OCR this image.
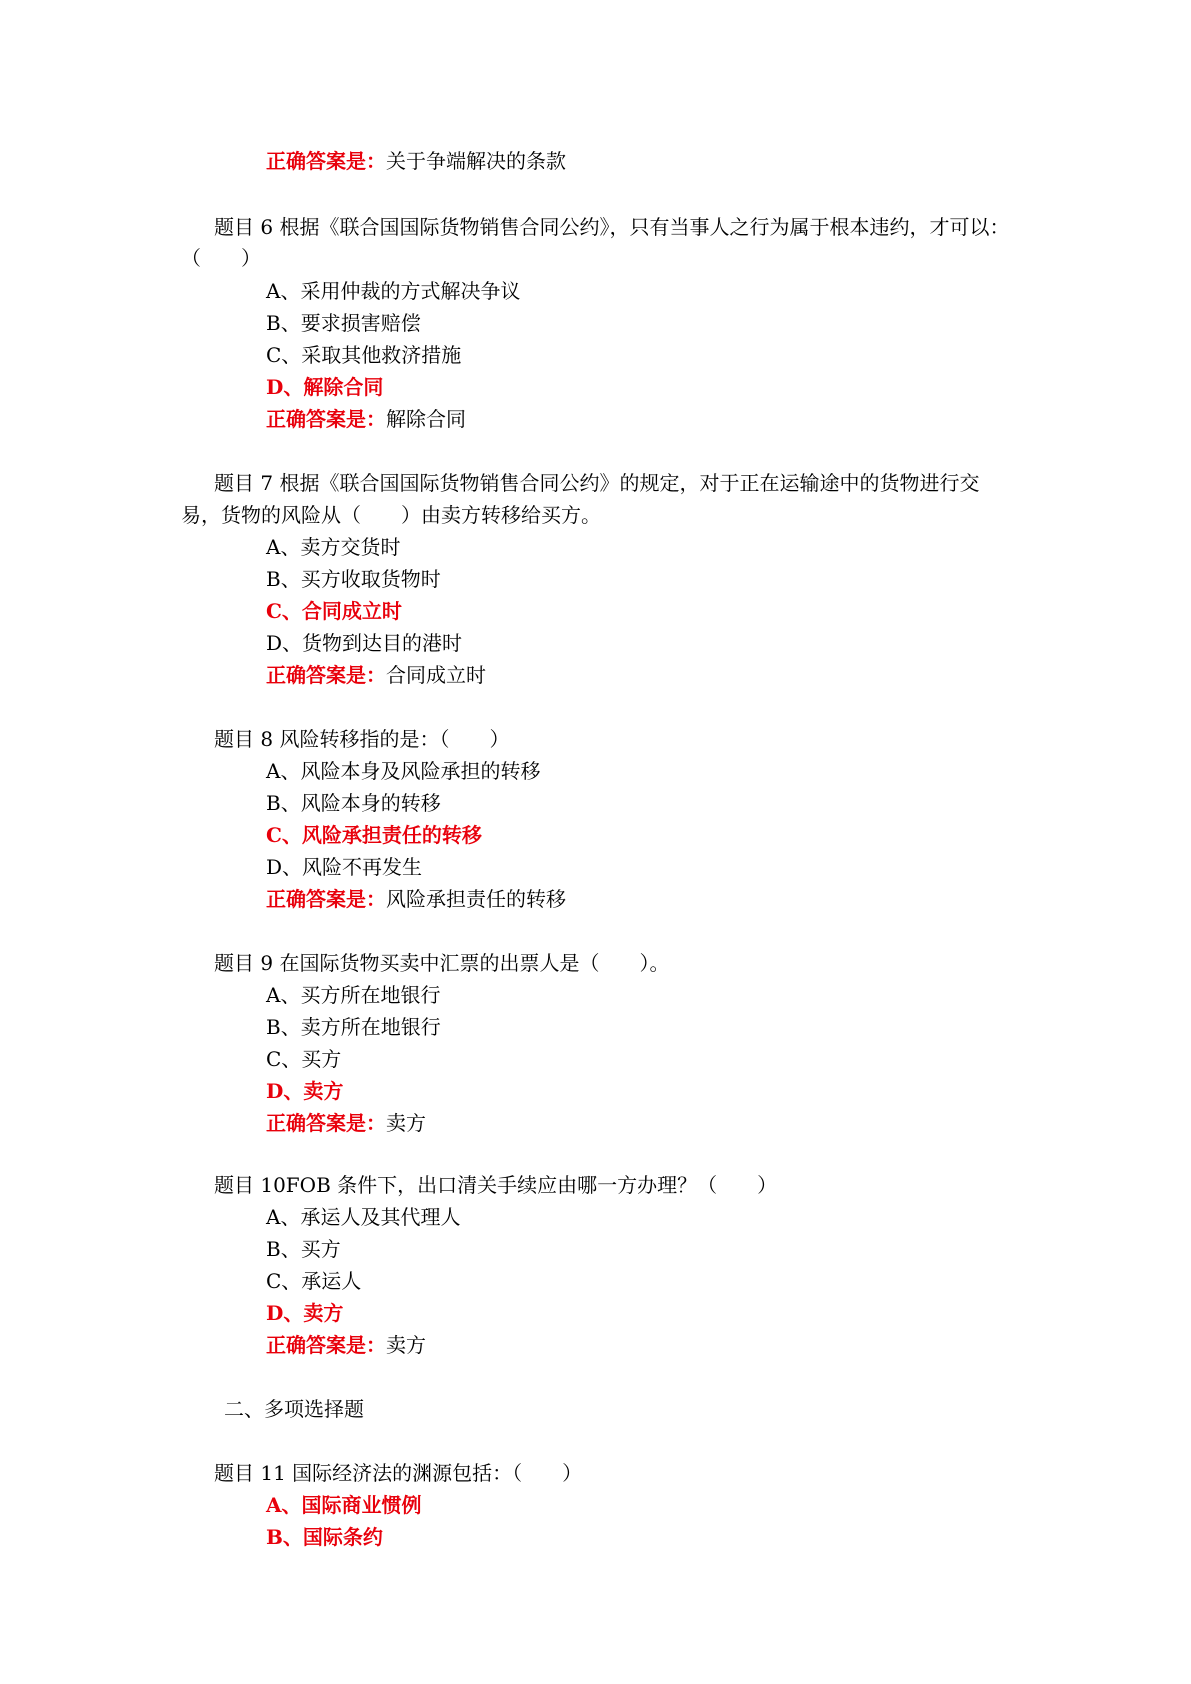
正确答案是：关于争端解决的条款
题目 6 根据《联合国国际货物销售合同公约》，只有当事人之行为属于根本违约，才可以：
（　　）
A、采用仲裁的方式解决争议
B、要求损害赔偿
C、采取其他救济措施
D、解除合同
正确答案是：解除合同
题目 7 根据《联合国国际货物销售合同公约》的规定，对于正在运输途中的货物进行交
易，货物的风险从（　　）由卖方转移给买方。
A、卖方交货时
B、买方收取货物时
C、合同成立时
D、货物到达目的港时
正确答案是：合同成立时
题目 8 风险转移指的是：（　　）
A、风险本身及风险承担的转移
B、风险本身的转移
C、风险承担责任的转移
D、风险不再发生
正确答案是：风险承担责任的转移
题目 9 在国际货物买卖中汇票的出票人是（　　）。
A、买方所在地银行
B、卖方所在地银行
C、买方
D、卖方
正确答案是：卖方
题目 10FOB 条件下，出口清关手续应由哪一方办理？（　　）
A、承运人及其代理人
B、买方
C、承运人
D、卖方
正确答案是：卖方
二、多项选择题
题目 11 国际经济法的渊源包括：（　　）
A、国际商业惯例
B、国际条约
